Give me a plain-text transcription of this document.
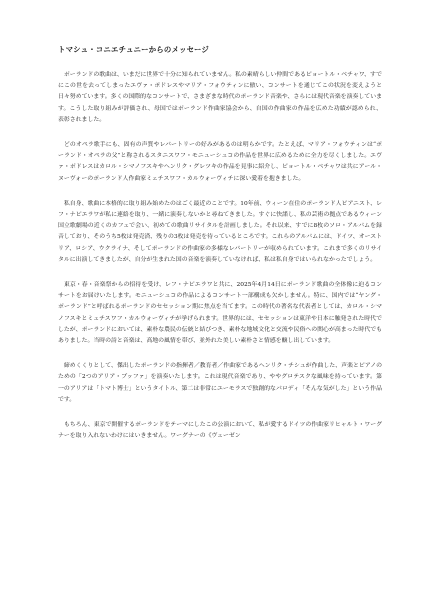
トマシュ・コニエチュニーからのメッセージ

ポーランドの歌曲は、いまだに世界で十分に知られていません。私の素晴らしい仲間であるピョートル・ベチャワ、すでにこの世を去ってしまったエヴァ・ポドレスやマリア・フォウティンに倣い、コンサートを通じてこの状況を変えようと日々努めています。多くの国際的なコンサートで、さまざまな時代のポーランド音楽や、さらには現代音楽を演奏しています。こうした取り組みが評価され、母国ではポーランド作曲家協会から、自国の作曲家の作品を広めた功績が認められ、表彰されました。

どのオペラ歌手にも、固有の声質やレパートリーの好みがあるのは明らかです。たとえば、マリア・フォウティンは“ポーランド・オペラの父”と称されるスタニスワフ・モニューシュコの作品を世界に広めるために全力を尽くしました。エヴァ・ポドレスはカロル・シマノフスキやヘンリク・グレツキの作品を見事に紹介し、ピョートル・ベチャワは共にアール・ヌーヴォーのポーランド人作曲家ミェチスワフ・カルウォーヴィチに深い愛着を抱きました。

私自身、歌曲に本格的に取り組み始めたのはごく最近のことです。10年前、ウィーン在住のポーランド人ピアニスト、レフ・ナピエラワが私に連絡を取り、一緒に演奏しないかと尋ねてきました。すぐに快諾し、私の芸術の拠点であるウィーン国立歌劇場の近くのカフェで会い、初めての歌曲リサイタルを計画しました。それ以来、すでに8枚のソロ・アルバムを録音しており、そのうち5枚は発売済、残りの3枚は発売を待っているところです。これらのアルバムには、ドイツ、オーストリア、ロシア、ウクライナ、そしてポーランドの作曲家の多様なレパートリーが収められています。これまで多くのリサイタルに出演してきましたが、自分が生まれた国の音楽を演奏していなければ、私は私自身ではいられなかったでしょう。

東京・春・音楽祭からの招待を受け、レフ・ナピエラワと共に、2025年4月14日にポーランド歌曲の全体像に迫るコンサートをお届けいたします。モニューシュコの作品によるコンサート一部構成も欠かしません。特に、国内では“ヤング・ポーランド”と呼ばれるポーランドのセセッション期に焦点を当てます。この時代の著名な代表者としては、カロル・シマノフスキとミェチスワフ・カルウォーヴィチが挙げられます。世界的には、セセッションは東洋や日本に触発された時代でしたが、ポーランドにおいては、素朴な農民の伝統と結びつき、素朴な地域文化と交流や民俗への関心が高まった時代でもありました。当時の詩と音楽は、高地の風情を帯び、並外れた美しい素朴さと情感を醸し出しています。

締めくくりとして、傑出したポーランドの指揮者／教育者／作曲家であるヘンリク・チシュが作曲した、声楽とピアノのための「2つのアリア・ブッファ」を演奏いたします。これは現代音楽であり、ややグロテスクな風味を持っています。第一のアリアは「トマト博士」というタイトル、第二は非常にユーモラスで独創的なパロディ「そんな気がした」という作品です。

もちろん、東京で開催するポーランドをテーマにしたこの公演において、私が愛するドイツの作曲家リヒャルト・ワーグナーを取り入れないわけにはいきません。ワーグナーの《ヴェーゼン
